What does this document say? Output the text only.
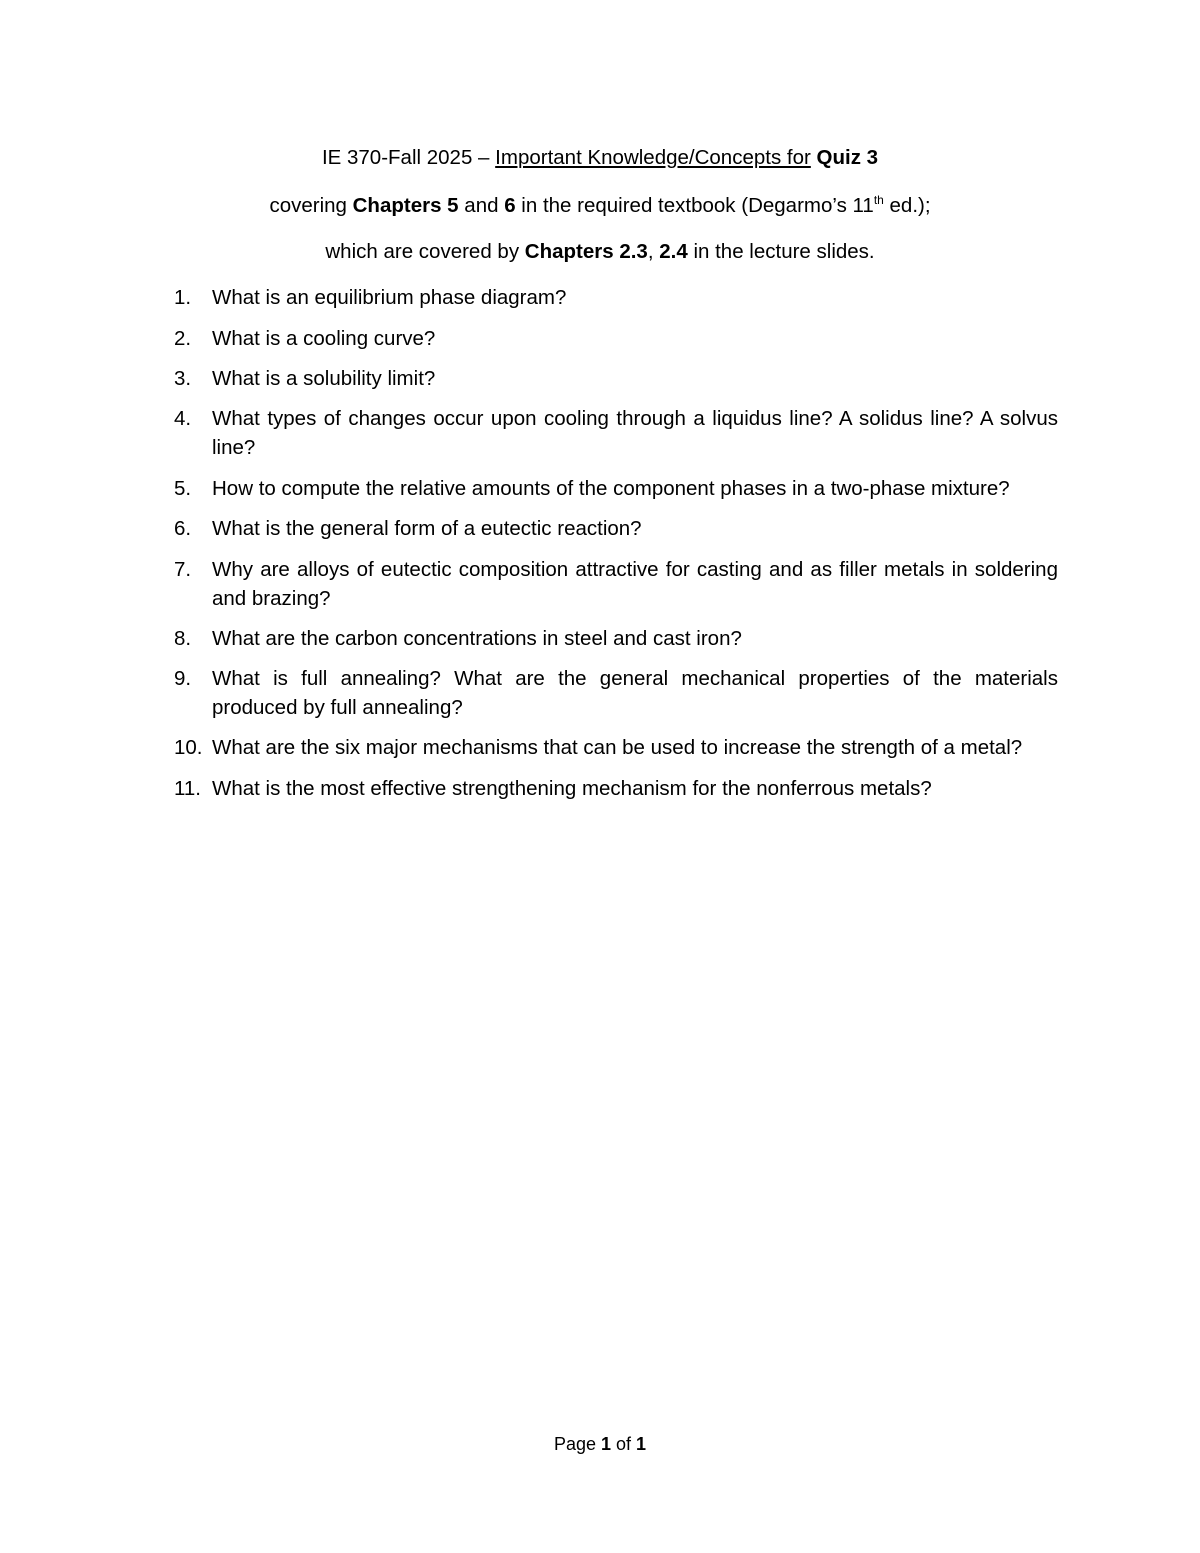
IE 370-Fall 2025 – Important Knowledge/Concepts for Quiz 3
covering Chapters 5 and 6 in the required textbook (Degarmo’s 11th ed.);
which are covered by Chapters 2.3, 2.4 in the lecture slides.
1. What is an equilibrium phase diagram?
2. What is a cooling curve?
3. What is a solubility limit?
4. What types of changes occur upon cooling through a liquidus line? A solidus line? A solvus line?
5. How to compute the relative amounts of the component phases in a two-phase mixture?
6. What is the general form of a eutectic reaction?
7. Why are alloys of eutectic composition attractive for casting and as filler metals in soldering and brazing?
8. What are the carbon concentrations in steel and cast iron?
9. What is full annealing? What are the general mechanical properties of the materials produced by full annealing?
10. What are the six major mechanisms that can be used to increase the strength of a metal?
11. What is the most effective strengthening mechanism for the nonferrous metals?
Page 1 of 1
